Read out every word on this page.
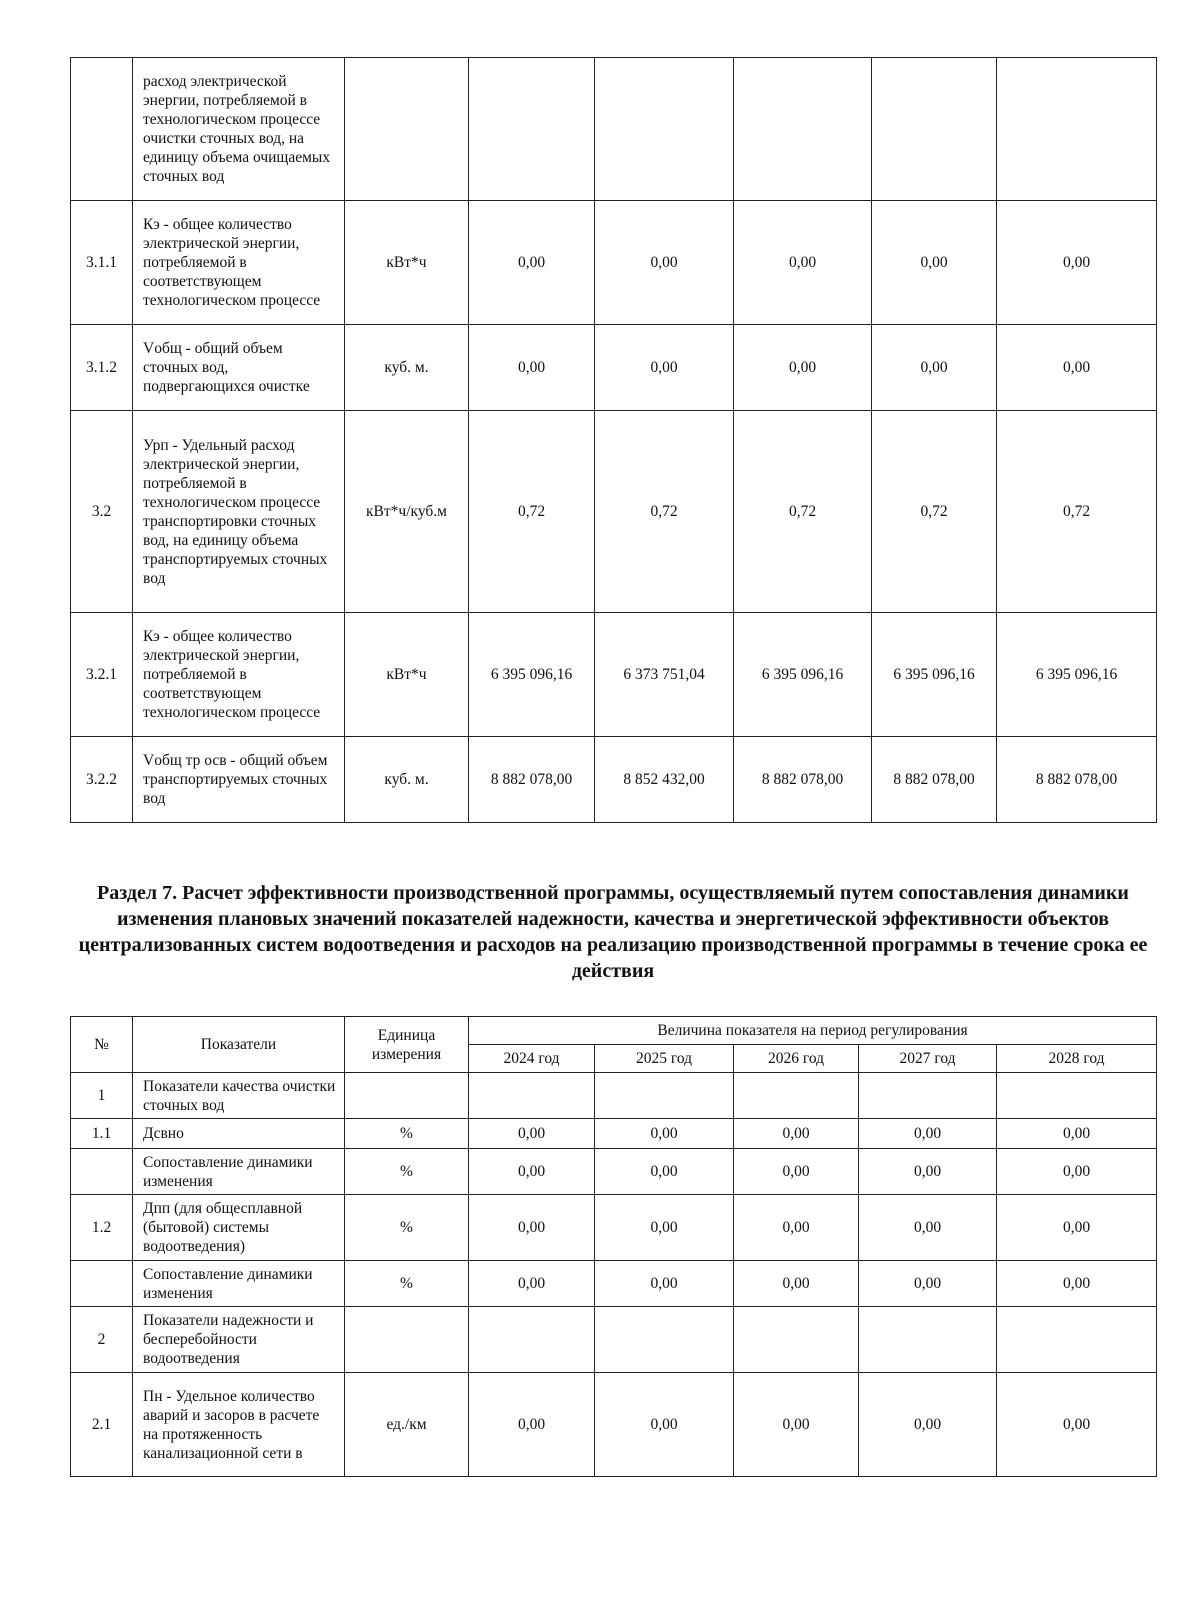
	расход электрической энергии, потребляемой в технологическом процессе очистки сточных вод, на единицу объема очищаемых сточных вод						
3.1.1	Кэ - общее количество электрической энергии, потребляемой в соответствующем технологическом процессе	кВт*ч	0,00	0,00	0,00	0,00	0,00
3.1.2	Vобщ - общий объем сточных вод, подвергающихся очистке	куб. м.	0,00	0,00	0,00	0,00	0,00
3.2	Урп - Удельный расход электрической энергии, потребляемой в технологическом процессе транспортировки сточных вод, на единицу объема транспортируемых сточных вод	кВт*ч/куб.м	0,72	0,72	0,72	0,72	0,72
3.2.1	Кэ - общее количество электрической энергии, потребляемой в соответствующем технологическом процессе	кВт*ч	6 395 096,16	6 373 751,04	6 395 096,16	6 395 096,16	6 395 096,16
3.2.2	Vобщ тр осв - общий объем транспортируемых сточных вод	куб. м.	8 882 078,00	8 852 432,00	8 882 078,00	8 882 078,00	8 882 078,00
Раздел 7. Расчет эффективности производственной программы, осуществляемый путем сопоставления динамики изменения плановых значений показателей надежности, качества и энергетической эффективности объектов централизованных систем водоотведения и расходов на реализацию производственной программы в течение срока ее действия
№	Показатели	Единица измерения	Величина показателя на период регулирования				
			2024 год	2025 год	2026 год	2027 год	2028 год
1	Показатели качества очистки сточных вод						
1.1	Дсвно	%	0,00	0,00	0,00	0,00	0,00
	Сопоставление динамики изменения	%	0,00	0,00	0,00	0,00	0,00
1.2	Дпп (для общесплавной (бытовой) системы водоотведения)	%	0,00	0,00	0,00	0,00	0,00
	Сопоставление динамики изменения	%	0,00	0,00	0,00	0,00	0,00
2	Показатели надежности и бесперебойности водоотведения						
2.1	Пн - Удельное количество аварий и засоров в расчете на протяженность канализационной сети в	ед./км	0,00	0,00	0,00	0,00	0,00
